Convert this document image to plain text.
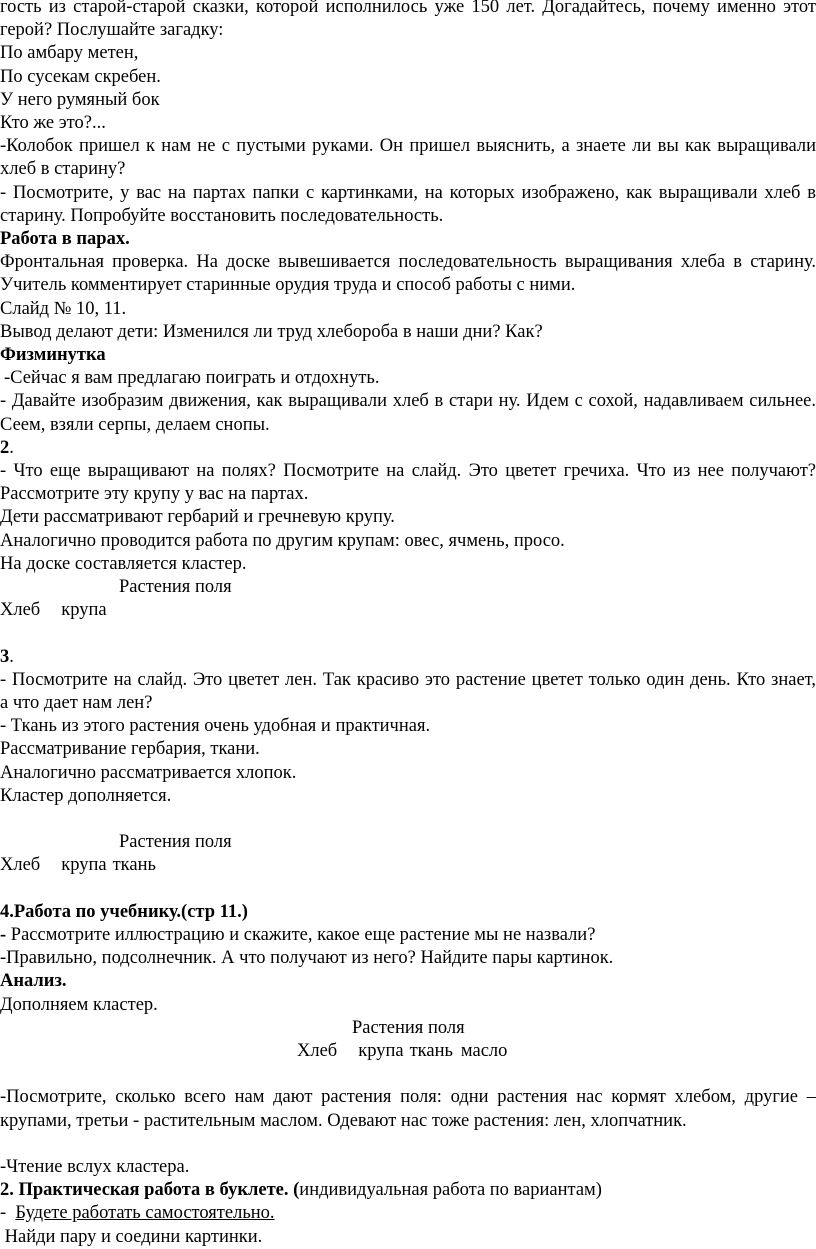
гость из старой-старой сказки, которой исполнилось уже 150 лет. Догадайтесь, почему именно этот

герой? Послушайте загадку:

По амбару метен,

По сусекам скребен.

У него румяный бок

Кто же это?...

-Колобок пришел к нам не с пустыми руками. Он пришел выяснить, а знаете ли вы как выращивали

хлеб в старину?

- Посмотрите, у вас на партах папки с картинками, на которых изображено, как выращивали хлеб в

старину. Попробуйте восстановить последовательность.

Работа в парах.

Фронтальная проверка. На доске вывешивается последовательность выращивания хлеба в старину.

Учитель комментирует старинные орудия труда и способ работы с ними.

Слайд № 10, 11.

Вывод делают дети: Изменился ли труд хлебороба в наши дни? Как?

Физминутка

-Сейчас я вам предлагаю поиграть и отдохнуть.

- Давайте изобразим движения, как выращивали хлеб в стари ну. Идем с сохой, надавливаем сильнее.

Сеем, взяли серпы, делаем снопы.

2.

- Что еще выращивают на полях? Посмотрите на слайд. Это цветет гречиха. Что из нее получают?

Рассмотрите эту крупу у вас на партах.

Дети рассматривают гербарий и гречневую крупу.

Аналогично проводится работа по другим крупам: овес, ячмень, просо.

На доске составляется кластер.

Растения поля

Хлеб крупа

3.

- Посмотрите на слайд. Это цветет лен. Так красиво это растение цветет только один день. Кто знает,

а что дает нам лен?

- Ткань из этого растения очень удобная и практичная.

Рассматривание гербария, ткани.

Аналогично рассматривается хлопок.

Кластер дополняется.

Растения поля

Хлеб крупа ткань

4.Работа по учебнику.(стр 11.)

- Рассмотрите иллюстрацию и скажите, какое еще растение мы не назвали?

-Правильно, подсолнечник. А что получают из него? Найдите пары картинок.

Анализ.

Дополняем кластер.

Растения поля

Хлеб крупа ткань масло

-Посмотрите, сколько всего нам дают растения поля: одни растения нас кормят хлебом, другие –

крупами, третьи - растительным маслом. Одевают нас тоже растения: лен, хлопчатник.

-Чтение вслух кластера.

2. Практическая работа в буклете. (индивидуальная работа по вариантам)

-  Будете работать самостоятельно.

Найди пару и соедини картинки.
